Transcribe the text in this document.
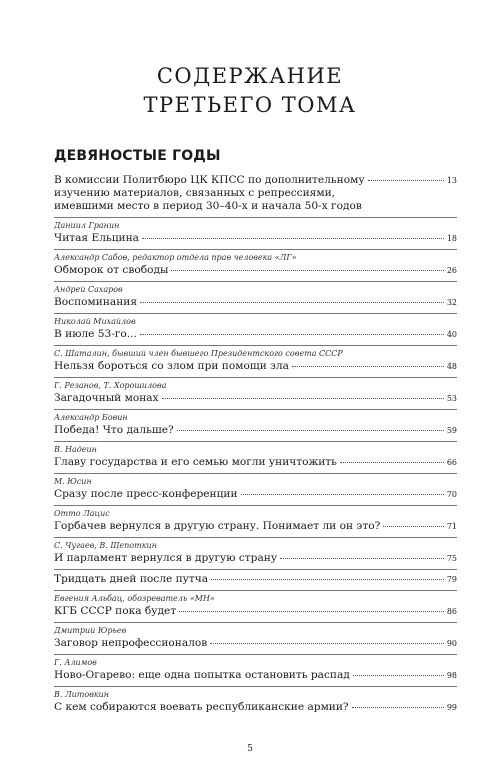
СОДЕРЖАНИЕ
ТРЕТЬЕГО ТОМА
ДЕВЯНОСТЫЕ ГОДЫ
В комиссии Политбюро ЦК КПСС по дополнительному
изучению материалов, связанных с репрессиями,
имевшими место в период 30–40-х и начала 50-х годов
13
Даниил Гранин
Читая Ельцина	18
Александр Сабов, редактор отдела прав человека «ЛГ»
Обморок от свободы	26
Андрей Сахаров
Воспоминания	32
Николай Михайлов
В июле 53-го...	40
С. Шаталин, бывший член бывшего Президентского совета СССР
Нельзя бороться со злом при помощи зла	48
Г. Резанов, Т. Хорошилова
Загадочный монах	53
Александр Бовин
Победа! Что дальше?	59
В. Надеин
Главу государства и его семью могли уничтожить	66
М. Юсин
Сразу после пресс-конференции	70
Отто Лацис
Горбачев вернулся в другую страну. Понимает ли он это?	71
С. Чугаев, В. Щепоткин
И парламент вернулся в другую страну	75
Тридцать дней после путча	79
Евгения Альбац, обозреватель «МН»
КГБ СССР пока будет	86
Дмитрий Юрьев
Заговор непрофессионалов	90
Г. Алимов
Ново-Огарево: еще одна попытка остановить распад	98
В. Литовкин
С кем собираются воевать республиканские армии?	99
5
